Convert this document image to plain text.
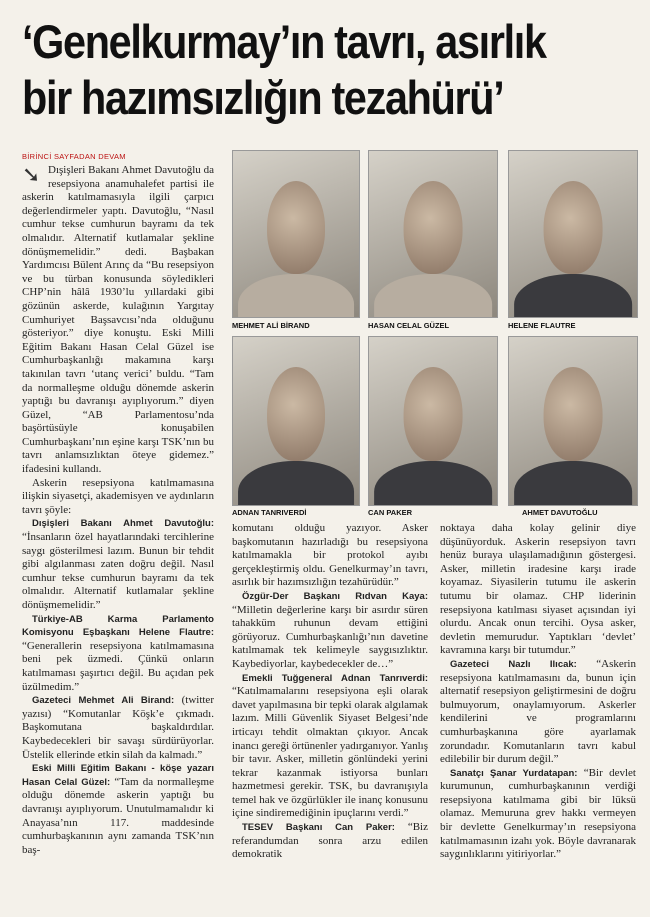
‘Genelkurmay’ın tavrı, asırlık
bir hazımsızlığın tezahürü’
BİRİNCİ SAYFADAN DEVAM

➘ Dışişleri Bakanı Ahmet Davutoğlu da resepsiyona anamuhalefet partisi ile askerin katılmamasıyla ilgili çarpıcı değerlendirmeler yaptı. Davutoğlu, “Nasıl cumhur tekse cumhurun bayramı da tek olmalıdır. Alternatif kutlamalar şekline dönüşmemelidir.” dedi. Başbakan Yardımcısı Bülent Arınç da “Bu resepsiyon ve bu türban konusunda söyledikleri CHP’nin hâlâ 1930’lu yıllardaki gibi gözünün askerde, kulağının Yargıtay Cumhuriyet Başsavcısı’nda olduğunu gösteriyor.” diye konuştu. Eski Milli Eğitim Bakanı Hasan Celal Güzel ise Cumhurbaşkanlığı makamına karşı takınılan tavrı ‘utanç verici’ buldu. “Tam da normalleşme olduğu dönemde askerin yaptığı bu davranışı ayıplıyorum.” diyen Güzel, “AB Parlamentosu’nda başörtüsüyle konuşabilen Cumhurbaşkanı’nın eşine karşı TSK’nın bu tavrı anlamsızlıktan öteye gidemez.” ifadesini kullandı.

Askerin resepsiyona katılmamasına ilişkin siyasetçi, akademisyen ve aydınların tavrı şöyle:

Dışişleri Bakanı Ahmet Davutoğlu: “İnsanların özel hayatlarındaki tercihlerine saygı gösterilmesi lazım. Bunun bir tehdit gibi algılanması zaten doğru değil. Nasıl cumhur tekse cumhurun bayramı da tek olmalıdır. Alternatif kutlamalar şekline dönüşmemelidir.”

Türkiye-AB Karma Parlamento Komisyonu Eşbaşkanı Helene Flautre: “Generallerin resepsiyona katılmamasına beni pek üzmedi. Çünkü onların katılmaması şaşırtıcı değil. Bu açıdan pek üzülmedim.”

Gazeteci Mehmet Ali Birand: (twitter yazısı) “Komutanlar Köşk’e çıkmadı. Başkomutana başkaldırdılar. Kaybedecekleri bir savaşı sürdürüyorlar. Üstelik ellerinde etkin silah da kalmadı.”

Eski Milli Eğitim Bakanı - köşe yazarı Hasan Celal Güzel: “Tam da normalleşme olduğu dönemde askerin yaptığı bu davranışı ayıplıyorum. Unutulmamalıdır ki Anayasa’nın 117. maddesinde cumhurbaşkanının aynı zamanda TSK’nın baş-

MEHMET ALİ BİRAND	HASAN CELAL GÜZEL	HELENE FLAUTRE
ADNAN TANRIVERDİ	CAN PAKER	AHMET DAVUTOĞLU

komutanı olduğu yazıyor. Asker başkomutanın hazırladığı bu resepsiyona katılmamakla bir protokol ayıbı gerçekleştirmiş oldu. Genelkurmay’ın tavrı, asırlık bir hazımsızlığın tezahürüdür.”

Özgür-Der Başkanı Rıdvan Kaya: “Milletin değerlerine karşı bir asırdır süren tahakküm ruhunun devam ettiğini görüyoruz. Cumhurbaşkanlığı’nın davetine katılmamak tek kelimeyle saygısızlıktır. Kaybediyorlar, kaybedecekler de…”

Emekli Tuğgeneral Adnan Tanrıverdi: “Katılmamalarını resepsiyona eşli olarak davet yapılmasına bir tepki olarak algılamak lazım. Milli Güvenlik Siyaset Belgesi’nde irticayı tehdit olmaktan çıkıyor. Ancak inancı gereği örtünenler yadırganıyor. Yanlış bir tavır. Asker, milletin gönlündeki yerini tekrar kazanmak istiyorsa bunları hazmetmesi gerekir. TSK, bu davranışıyla temel hak ve özgürlükler ile inanç konusunu içine sindiremediğinin ipuçlarını verdi.”

TESEV Başkanı Can Paker: “Biz referandumdan sonra arzu edilen demokratik

noktaya daha kolay gelinir diye düşünüyorduk. Askerin resepsiyon tavrı henüz buraya ulaşılamadığının göstergesi. Asker, milletin iradesine karşı irade koyamaz. Siyasilerin tutumu ile askerin tutumu bir olamaz. CHP liderinin resepsiyona katılması siyaset açısından iyi olurdu. Ancak onun tercihi. Oysa asker, devletin memurudur. Yaptıkları ‘devlet’ kavramına karşı bir tutumdur.”

Gazeteci Nazlı Ilıcak: “Askerin resepsiyona katılmamasını da, bunun için alternatif resepsiyon geliştirmesini de doğru bulmuyorum, onaylamıyorum. Askerler kendilerini ve programlarını cumhurbaşkanına göre ayarlamak zorundadır. Komutanların tavrı kabul edilebilir bir durum değil.”

Sanatçı Şanar Yurdatapan: “Bir devlet kurumunun, cumhurbaşkanının verdiği resepsiyona katılmama gibi bir lüksü olamaz. Memuruna grev hakkı vermeyen bir devlette Genelkurmay’ın resepsiyona katılmamasının izahı yok. Böyle davranarak saygınlıklarını yitiriyorlar.”
